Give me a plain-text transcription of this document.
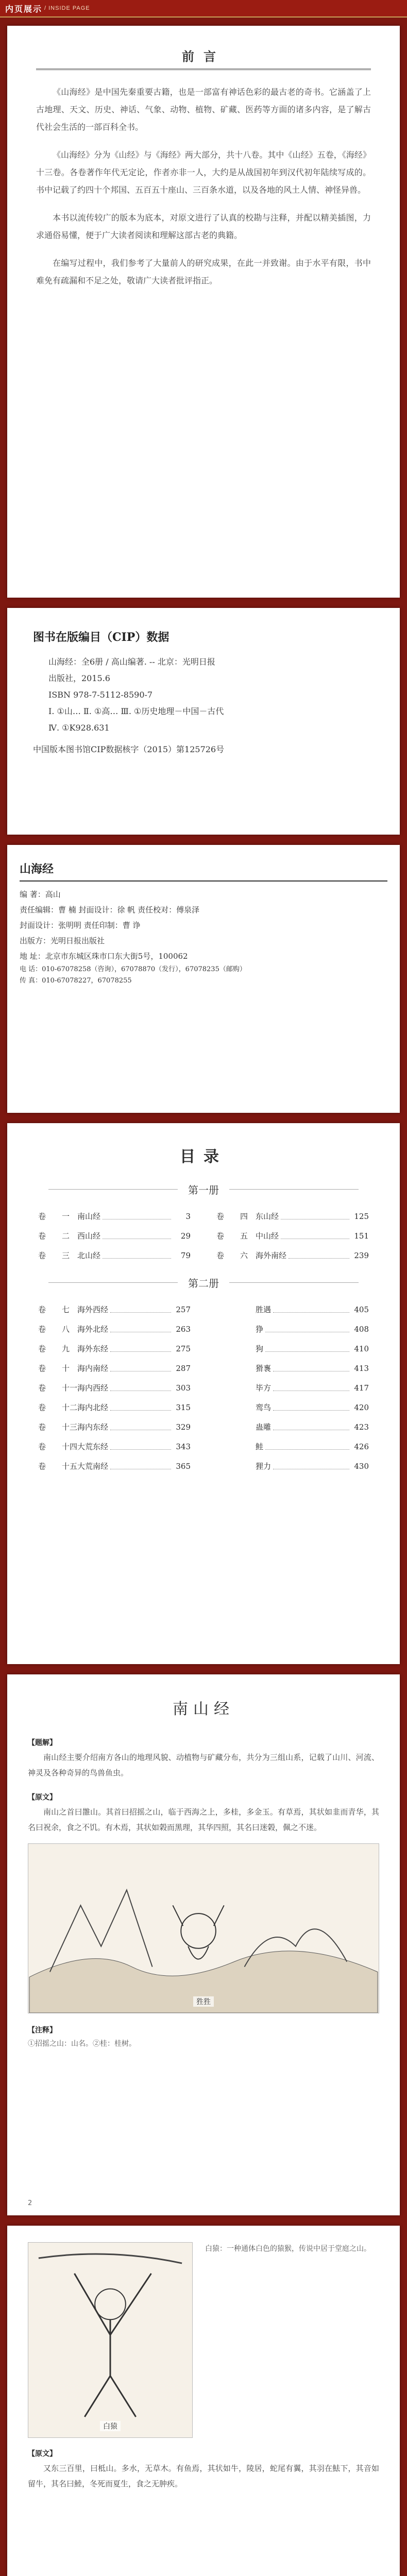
内页展示 / INSIDE PAGE
前言

《山海经》是中国先秦重要古籍，也是一部富有神话色彩的最古老的奇书。它涵盖了上古地理、天文、历史、神话、气象、动物、植物、矿藏、医药等方面的诸多内容，是了解古代社会生活的一部百科全书。

《山海经》分为《山经》与《海经》两大部分，共十八卷。其中《山经》五卷，《海经》十三卷。各卷著作年代无定论，作者亦非一人，大约是从战国初年到汉代初年陆续写成的。书中记载了约四十个邦国、五百五十座山、三百条水道，以及各地的风土人情、神怪异兽。

本书以流传较广的版本为底本，对原文进行了认真的校勘与注释，并配以精美插图，力求通俗易懂，便于广大读者阅读和理解这部古老的典籍。

在编写过程中，我们参考了大量前人的研究成果，在此一并致谢。由于水平有限，书中难免有疏漏和不足之处，敬请广大读者批评指正。

图书在版编目（CIP）数据
山海经：全6册 / 高山编著. -- 北京：光明日报
出版社，2015.6
ISBN 978-7-5112-8590-7
Ⅰ. ①山… Ⅱ. ①高… Ⅲ. ①历史地理－中国－古代
Ⅳ. ①K928.631
中国版本图书馆CIP数据核字（2015）第125726号
山海经
编 著：高山
责任编辑：曹 楠 封面设计：徐 帆 责任校对：傅泉泽
封面设计：张明明 责任印制：曹 诤
出版方：光明日报出版社
地 址：北京市东城区珠市口东大街5号，100062
电 话：010-67078258（咨询），67078870（发行），67078235（邮购）
传 真：010-67078227，67078255
目录
第一册
卷	一 南山经	3	卷	四 东山经	125
卷	二 西山经	29	卷	五 中山经	151
卷	三 北山经	79	卷	六 海外南经	239
第二册
卷	七 海外西经	257	胜遇	405
卷	八 海外北经	263	狰	408
卷	九 海外东经	275	狗	410
卷	十 海内南经	287	猾褢	413
卷	十一 海内西经	303	毕方	417
卷	十二 海内北经	315	鸾鸟	420
卷	十三 海内东经	329	蛊雕	423
卷	十四 大荒东经	343	鲑	426
卷	十五 大荒南经	365	狸力	430
南山经
【题解】

南山经主要介绍南方各山的地理风貌、动植物与矿藏分布，共分为三组山系，记载了山川、河流、神灵及各种奇异的鸟兽鱼虫。

【原文】

南山之首曰䧿山。其首曰招摇之山，临于西海之上，多桂，多金玉。有草焉，其状如韭而青华，其名曰祝余，食之不饥。有木焉，其状如榖而黑理，其华四照，其名曰迷榖，佩之不迷。

狌狌
【注释】

①招摇之山：山名。②桂：桂树。

2
白猿

白猿：一种通体白色的猿猴，传说中居于堂庭之山。

【原文】

又东三百里，曰柢山。多水，无草木。有鱼焉，其状如牛，陵居，蛇尾有翼，其羽在魼下，其音如留牛，其名曰鯥，冬死而夏生，食之无肿疾。
